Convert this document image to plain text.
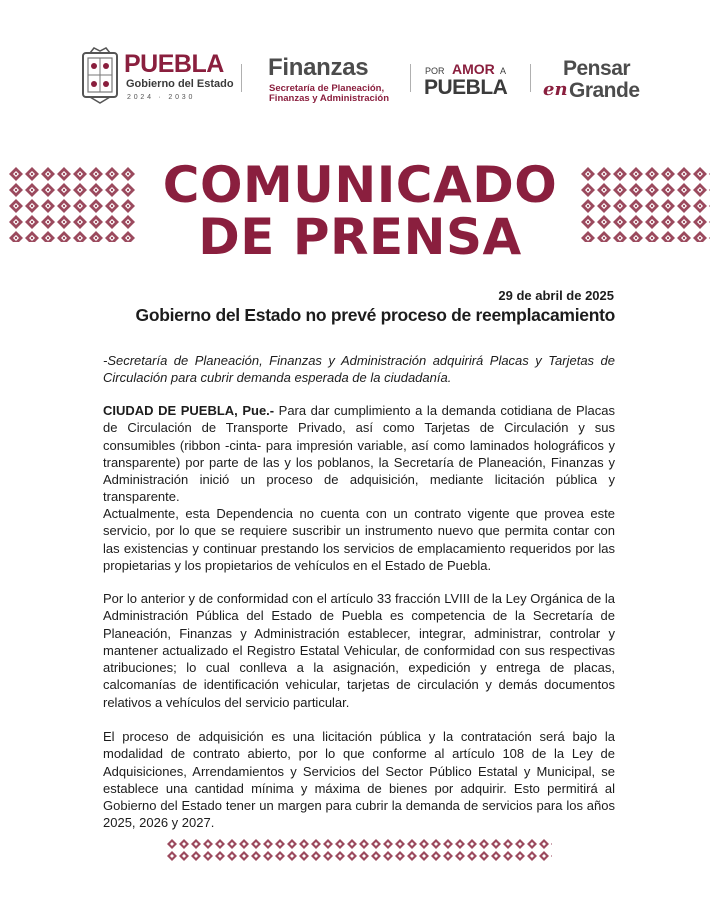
PUEBLA
Gobierno del Estado
2024 · 2030
Finanzas
Secretaría de Planeación,
Finanzas y Administración
POR AMOR A
PUEBLA
Pensar
en Grande
COMUNICADO
DE PRENSA
29 de abril de 2025
Gobierno del Estado no prevé proceso de reemplacamiento
-Secretaría de Planeación, Finanzas y Administración adquirirá Placas y Tarjetas de Circulación para cubrir demanda esperada de la ciudadanía.
CIUDAD DE PUEBLA, Pue.- Para dar cumplimiento a la demanda cotidiana de Placas de Circulación de Transporte Privado, así como Tarjetas de Circulación y sus consumibles (ribbon -cinta- para impresión variable, así como laminados holográficos y transparente) por parte de las y los poblanos, la Secretaría de Planeación, Finanzas y Administración inició un proceso de adquisición, mediante licitación pública y transparente.
Actualmente, esta Dependencia no cuenta con un contrato vigente que provea este servicio, por lo que se requiere suscribir un instrumento nuevo que permita contar con las existencias y continuar prestando los servicios de emplacamiento requeridos por las propietarias y los propietarios de vehículos en el Estado de Puebla.
Por lo anterior y de conformidad con el artículo 33 fracción LVIII de la Ley Orgánica de la Administración Pública del Estado de Puebla es competencia de la Secretaría de Planeación, Finanzas y Administración establecer, integrar, administrar, controlar y mantener actualizado el Registro Estatal Vehicular, de conformidad con sus respectivas atribuciones; lo cual conlleva a la asignación, expedición y entrega de placas, calcomanías de identificación vehicular, tarjetas de circulación y demás documentos relativos a vehículos del servicio particular.
El proceso de adquisición es una licitación pública y la contratación será bajo la modalidad de contrato abierto, por lo que conforme al artículo 108 de la Ley de Adquisiciones, Arrendamientos y Servicios del Sector Público Estatal y Municipal, se establece una cantidad mínima y máxima de bienes por adquirir. Esto permitirá al Gobierno del Estado tener un margen para cubrir la demanda de servicios para los años 2025, 2026 y 2027.
